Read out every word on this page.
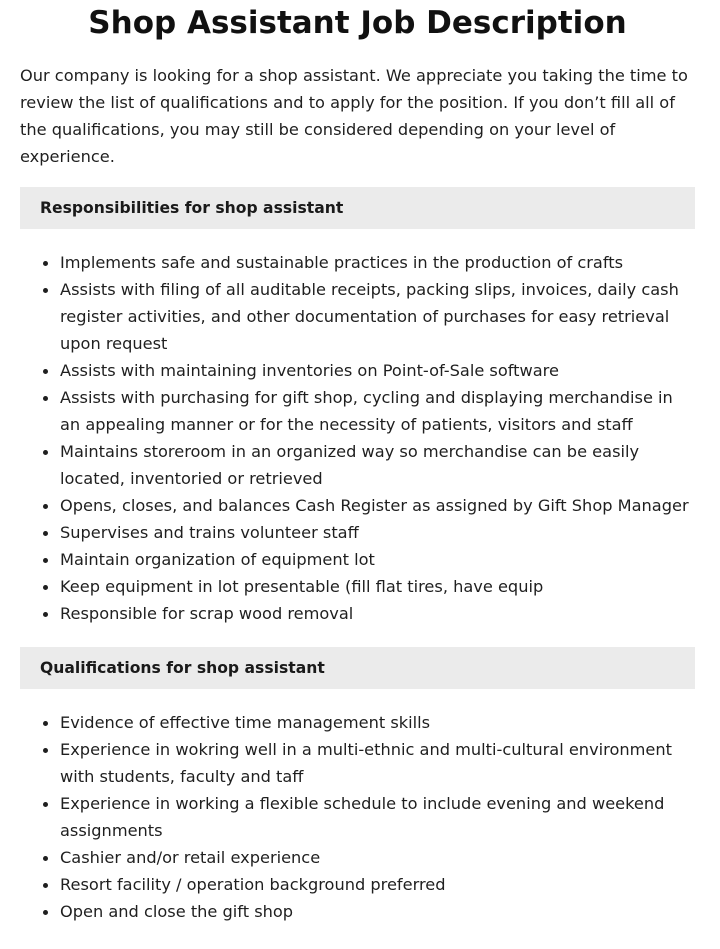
Shop Assistant Job Description

Our company is looking for a shop assistant. We appreciate you taking the time to review the list of qualifications and to apply for the position. If you don’t fill all of the qualifications, you may still be considered depending on your level of experience.

Responsibilities for shop assistant
Implements safe and sustainable practices in the production of crafts
Assists with filing of all auditable receipts, packing slips, invoices, daily cash register activities, and other documentation of purchases for easy retrieval upon request
Assists with maintaining inventories on Point-of-Sale software
Assists with purchasing for gift shop, cycling and displaying merchandise in an appealing manner or for the necessity of patients, visitors and staff
Maintains storeroom in an organized way so merchandise can be easily located, inventoried or retrieved
Opens, closes, and balances Cash Register as assigned by Gift Shop Manager
Supervises and trains volunteer staff
Maintain organization of equipment lot
Keep equipment in lot presentable (fill flat tires, have equip
Responsible for scrap wood removal
Qualifications for shop assistant
Evidence of effective time management skills
Experience in wokring well in a multi-ethnic and multi-cultural environment with students, faculty and taff
Experience in working a flexible schedule to include evening and weekend assignments
Cashier and/or retail experience
Resort facility / operation background preferred
Open and close the gift shop
